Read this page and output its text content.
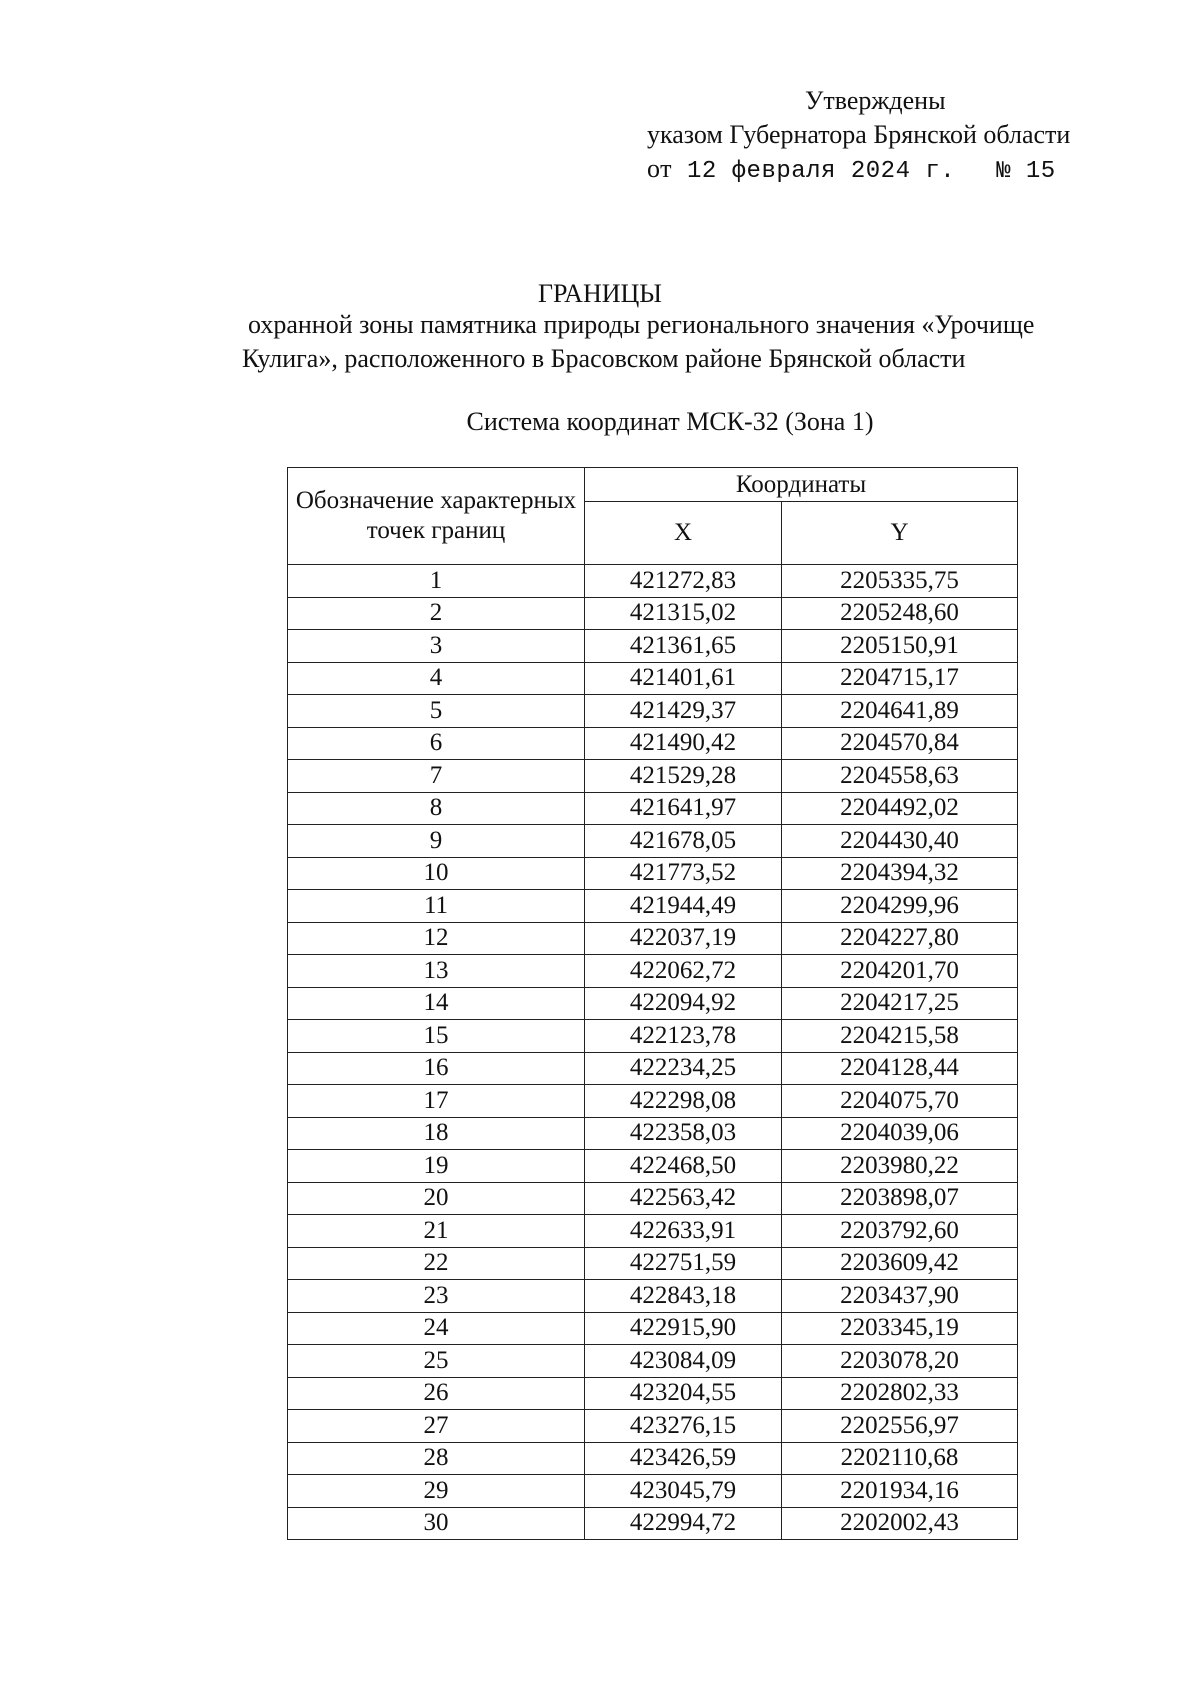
Утверждены
указом Губернатора Брянской области
от 12 февраля 2024 г. № 15
ГРАНИЦЫ
охранной зоны памятника природы регионального значения «Урочище
Кулига», расположенного в Брасовском районе Брянской области
Система координат МСК-32 (Зона 1)
Обозначение характерных точек границ	Координаты	
	X	Y
1	421272,83	2205335,75
2	421315,02	2205248,60
3	421361,65	2205150,91
4	421401,61	2204715,17
5	421429,37	2204641,89
6	421490,42	2204570,84
7	421529,28	2204558,63
8	421641,97	2204492,02
9	421678,05	2204430,40
10	421773,52	2204394,32
11	421944,49	2204299,96
12	422037,19	2204227,80
13	422062,72	2204201,70
14	422094,92	2204217,25
15	422123,78	2204215,58
16	422234,25	2204128,44
17	422298,08	2204075,70
18	422358,03	2204039,06
19	422468,50	2203980,22
20	422563,42	2203898,07
21	422633,91	2203792,60
22	422751,59	2203609,42
23	422843,18	2203437,90
24	422915,90	2203345,19
25	423084,09	2203078,20
26	423204,55	2202802,33
27	423276,15	2202556,97
28	423426,59	2202110,68
29	423045,79	2201934,16
30	422994,72	2202002,43
